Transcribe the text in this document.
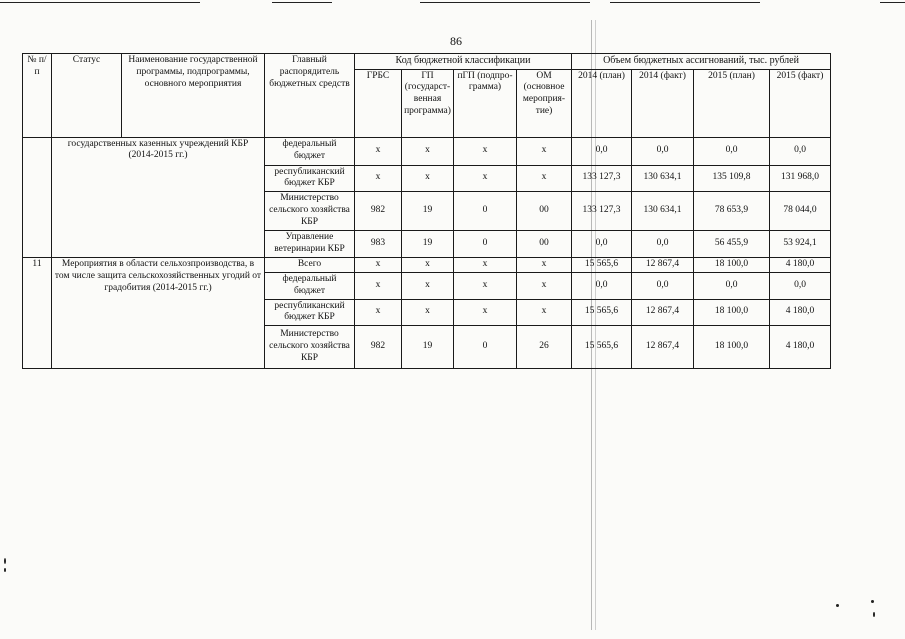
86
№ п/п	Статус	Наименование государственной программы, подпрограммы, основного мероприятия	Главный распорядитель бюджетных средств	Код бюджетной классификации				Объем бюджетных ассигнований, тыс. рублей			
				ГРБС	ГП (государст-венная программа)	пГП (подпро-грамма)	ОМ (основное мероприя-тие)	2014 (план)	2014 (факт)	2015 (план)	2015 (факт)
	государственных казенных учреждений КБР (2014-2015 гг.)		федеральный бюджет	х	х	х	х	0,0	0,0	0,0	0,0
			республиканский бюджет КБР	х	х	х	х	133 127,3	130 634,1	135 109,8	131 968,0
			Министерство сельского хозяйства КБР	982	19	0	00	133 127,3	130 634,1	78 653,9	78 044,0
			Управление ветеринарии КБР	983	19	0	00	0,0	0,0	56 455,9	53 924,1
11	Мероприятия в области сельхозпроизводства, в том числе защита сельскохозяйственных угодий от градобития (2014-2015 гг.)		Всего	х	х	х	х	15 565,6	12 867,4	18 100,0	4 180,0
			федеральный бюджет	х	х	х	х	0,0	0,0	0,0	0,0
			республиканский бюджет КБР	х	х	х	х	15 565,6	12 867,4	18 100,0	4 180,0
			Министерство сельского хозяйства КБР	982	19	0	26	15 565,6	12 867,4	18 100,0	4 180,0
